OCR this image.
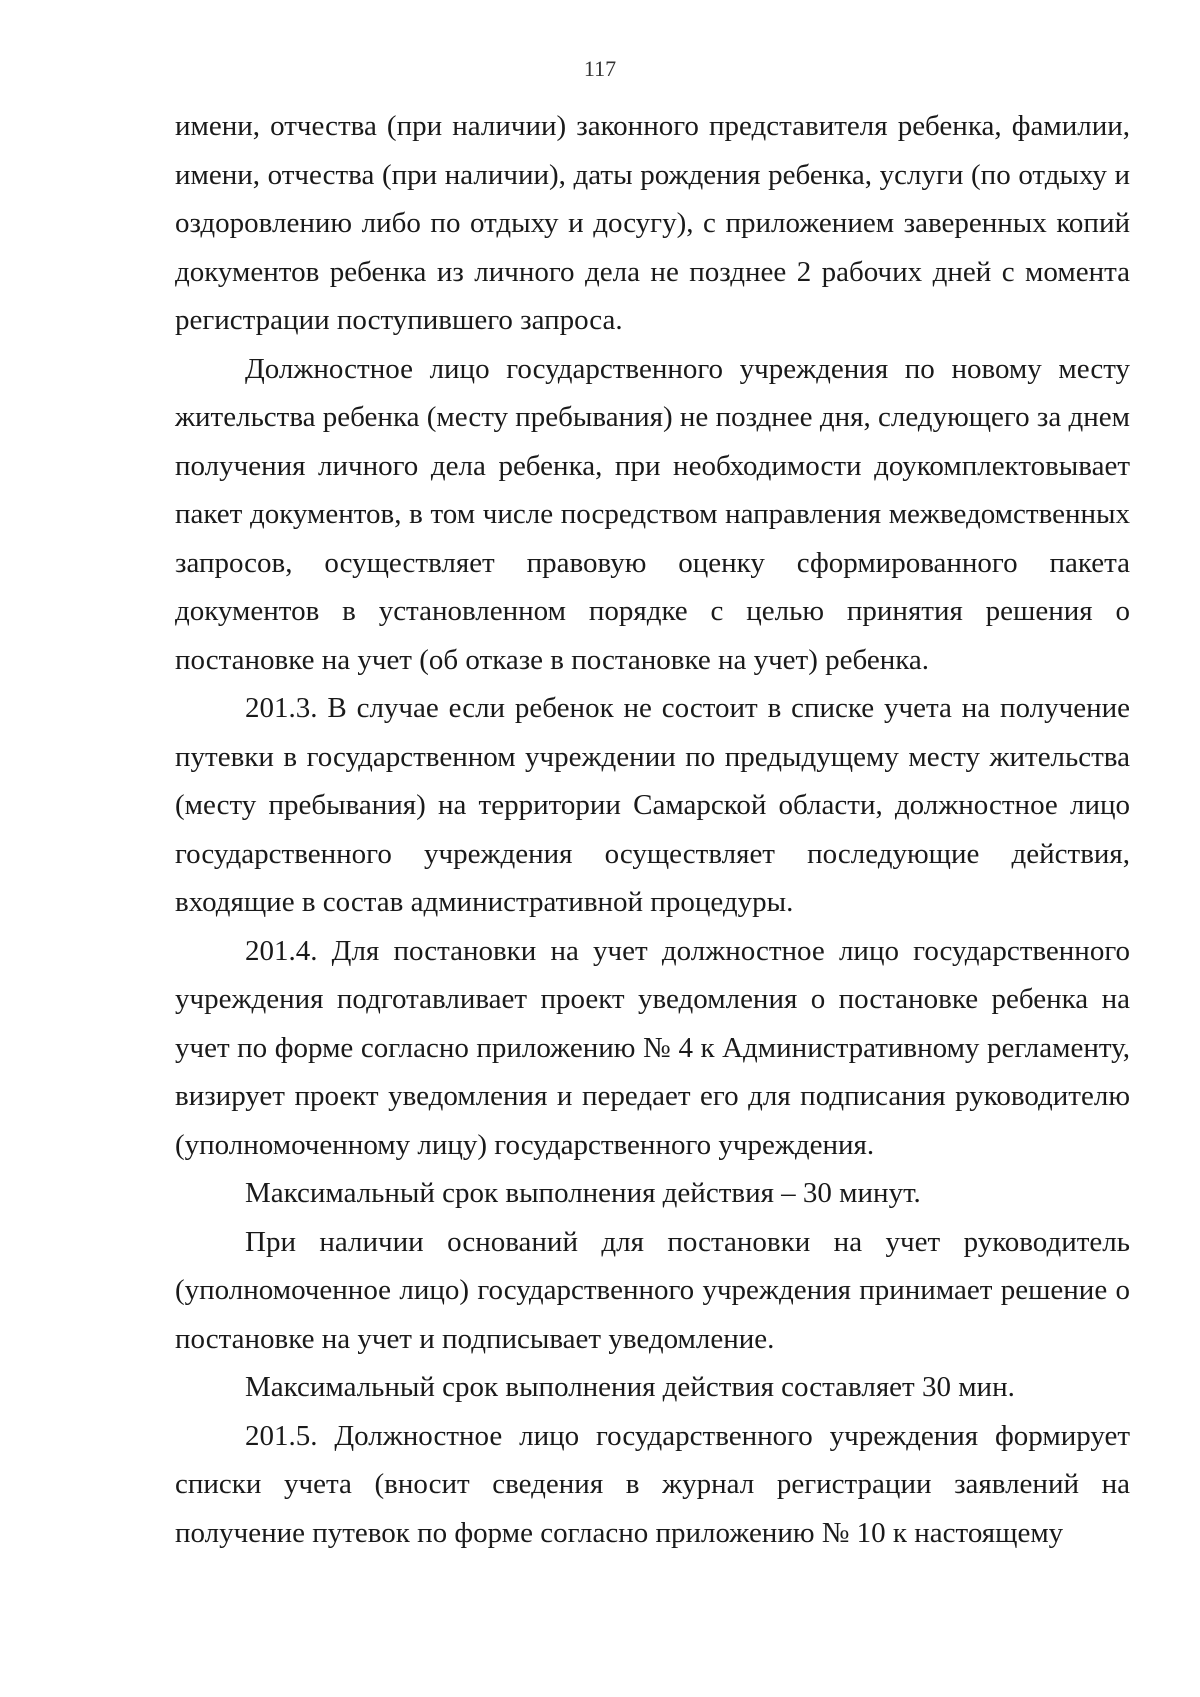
117

имени, отчества (при наличии) законного представителя ребенка, фамилии, имени, отчества (при наличии), даты рождения ребенка, услуги (по отдыху и оздоровлению либо по отдыху и досугу), с приложением заверенных копий документов ребенка из личного дела не позднее 2 рабочих дней с момента регистрации поступившего запроса.

Должностное лицо государственного учреждения по новому месту жительства ребенка (месту пребывания) не позднее дня, следующего за днем получения личного дела ребенка, при необходимости доукомплектовывает пакет документов, в том числе посредством направления межведомственных запросов, осуществляет правовую оценку сформированного пакета документов в установленном порядке с целью принятия решения о постановке на учет (об отказе в постановке на учет) ребенка.

201.3. В случае если ребенок не состоит в списке учета на получение путевки в государственном учреждении по предыдущему месту жительства (месту пребывания) на территории Самарской области, должностное лицо государственного учреждения осуществляет последующие действия, входящие в состав административной процедуры.

201.4. Для постановки на учет должностное лицо государственного учреждения подготавливает проект уведомления о постановке ребенка на учет по форме согласно приложению № 4 к Административному регламенту, визирует проект уведомления и передает его для подписания руководителю (уполномоченному лицу) государственного учреждения.

Максимальный срок выполнения действия – 30 минут.

При наличии оснований для постановки на учет руководитель (уполномоченное лицо) государственного учреждения принимает решение о постановке на учет и подписывает уведомление.

Максимальный срок выполнения действия составляет 30 мин.

201.5. Должностное лицо государственного учреждения формирует списки учета (вносит сведения в журнал регистрации заявлений на получение путевок по форме согласно приложению № 10 к настоящему
